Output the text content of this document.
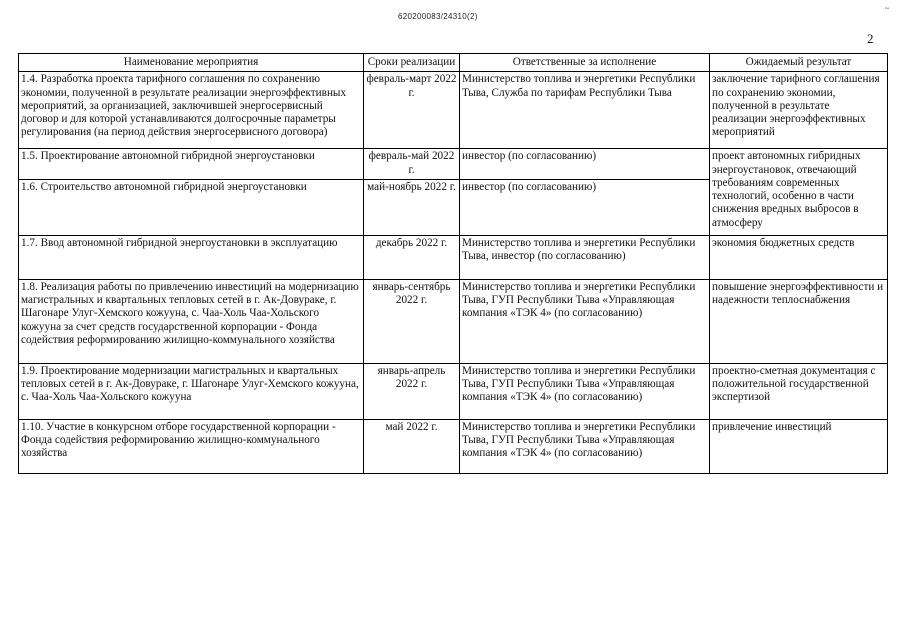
620200083/24310(2)
~
2
Наименование мероприятия	Сроки реализации	Ответственные за исполнение	Ожидаемый результат
1.4. Разработка проекта тарифного соглашения по сохранению экономии, полученной в результате реализации энергоэффективных мероприятий, за организацией, заключившей энергосервисный договор и для которой устанавливаются долгосрочные параметры регулирования (на период действия энергосервисного договора)	февраль-март 2022 г.	Министерство топлива и энергетики Республики Тыва, Служба по тарифам Республики Тыва	заключение тарифного соглашения по сохранению экономии, полученной в результате реализации энергоэффективных мероприятий
1.5. Проектирование автономной гибридной энергоустановки	февраль-май 2022 г.	инвестор (по согласованию)	проект автономных гибридных энергоустановок, отвечающий требованиям современных технологий, особенно в части снижения вредных выбросов в атмосферу
1.6. Строительство автономной гибридной энергоустановки	май-ноябрь 2022 г.	инвестор (по согласованию)	
1.7. Ввод автономной гибридной энергоустановки в эксплуатацию	декабрь 2022 г.	Министерство топлива и энергетики Республики Тыва, инвестор (по согласованию)	экономия бюджетных средств
1.8. Реализация работы по привлечению инвестиций на модернизацию магистральных и квартальных тепловых сетей в г. Ак-Довураке, г. Шагонаре Улуг-Хемского кожууна, с. Чаа-Холь Чаа-Хольского кожууна за счет средств государственной корпорации - Фонда содействия реформированию жилищно-коммунального хозяйства	январь-сентябрь 2022 г.	Министерство топлива и энергетики Республики Тыва, ГУП Республики Тыва «Управляющая компания «ТЭК 4» (по согласованию)	повышение энергоэффективности и надежности теплоснабжения
1.9. Проектирование модернизации магистральных и квартальных тепловых сетей в г. Ак-Довураке, г. Шагонаре Улуг-Хемского кожууна, с. Чаа-Холь Чаа-Хольского кожууна	январь-апрель 2022 г.	Министерство топлива и энергетики Республики Тыва, ГУП Республики Тыва «Управляющая компания «ТЭК 4» (по согласованию)	проектно-сметная документация с положительной государственной экспертизой
1.10. Участие в конкурсном отборе государственной корпорации - Фонда содействия реформированию жилищно-коммунального хозяйства	май 2022 г.	Министерство топлива и энергетики Республики Тыва, ГУП Республики Тыва «Управляющая компания «ТЭК 4» (по согласованию)	привлечение инвестиций
